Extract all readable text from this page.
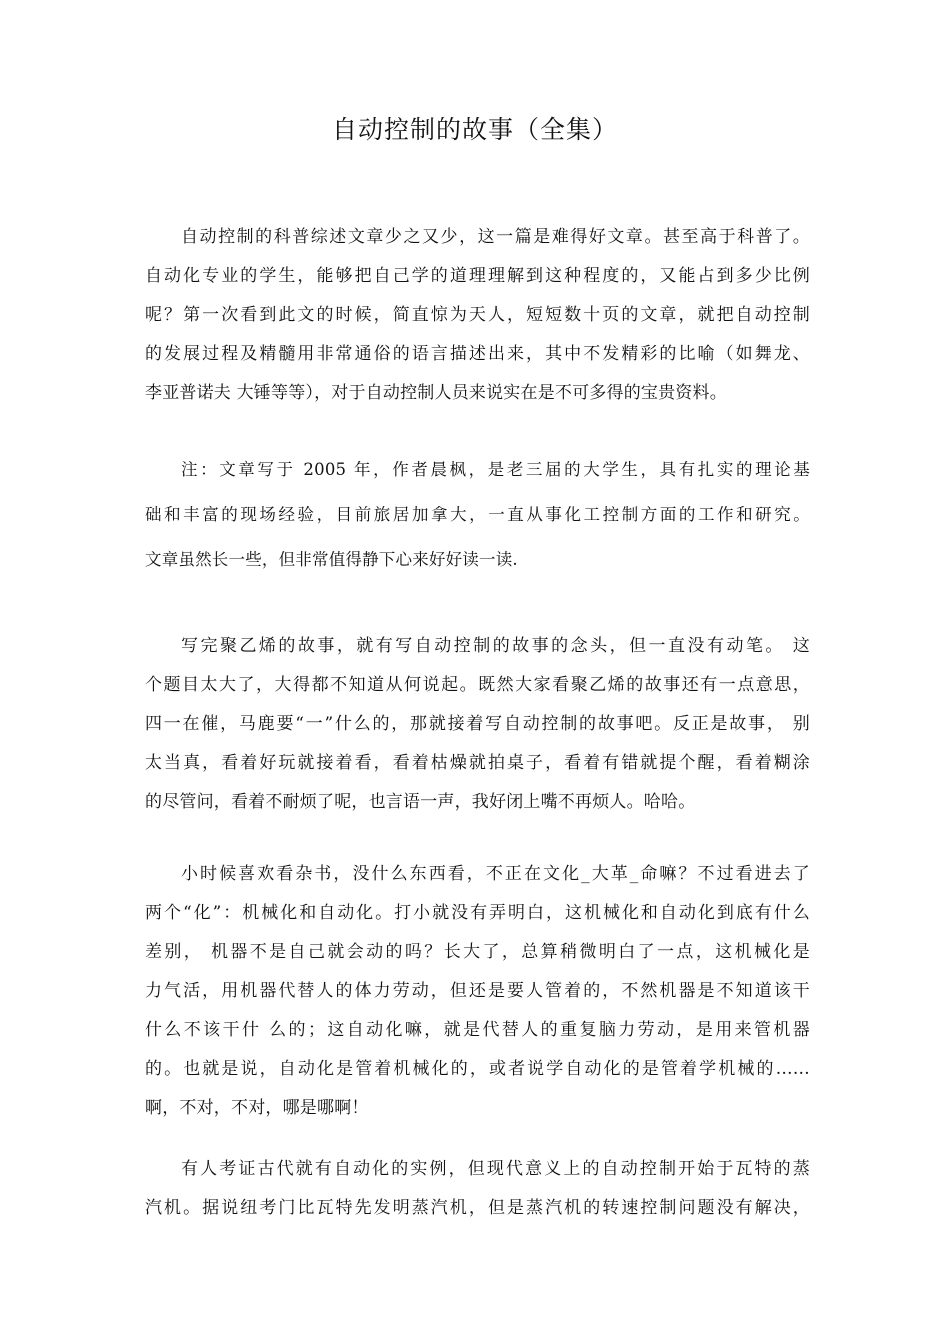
自动控制的故事（全集）
自动控制的科普综述文章少之又少，这一篇是难得好文章。甚至高于科普了。
自动化专业的学生，能够把自己学的道理理解到这种程度的，又能占到多少比例
呢？第一次看到此文的时候，简直惊为天人，短短数十页的文章，就把自动控制
的发展过程及精髓用非常通俗的语言描述出来，其中不发精彩的比喻（如舞龙、
李亚普诺夫 大锤等等），对于自动控制人员来说实在是不可多得的宝贵资料。
注：文章写于 2005 年，作者晨枫，是老三届的大学生，具有扎实的理论基
础和丰富的现场经验，目前旅居加拿大，一直从事化工控制方面的工作和研究。
文章虽然长一些，但非常值得静下心来好好读一读.
写完聚乙烯的故事，就有写自动控制的故事的念头，但一直没有动笔。 这
个题目太大了，大得都不知道从何说起。既然大家看聚乙烯的故事还有一点意思，
四一在催，马鹿要“一”什么的，那就接着写自动控制的故事吧。反正是故事， 别
太当真，看着好玩就接着看，看着枯燥就拍桌子，看着有错就提个醒，看着糊涂
的尽管问，看着不耐烦了呢，也言语一声，我好闭上嘴不再烦人。哈哈。
小时候喜欢看杂书，没什么东西看，不正在文化_大革_命嘛？不过看进去了
两个“化”：机械化和自动化。打小就没有弄明白，这机械化和自动化到底有什么
差别， 机器不是自己就会动的吗？长大了，总算稍微明白了一点，这机械化是
力气活，用机器代替人的体力劳动，但还是要人管着的，不然机器是不知道该干
什么不该干什 么的；这自动化嘛，就是代替人的重复脑力劳动，是用来管机器
的。也就是说，自动化是管着机械化的，或者说学自动化的是管着学机械的……
啊，不对，不对，哪是哪啊！
有人考证古代就有自动化的实例，但现代意义上的自动控制开始于瓦特的蒸
汽机。据说纽考门比瓦特先发明蒸汽机，但是蒸汽机的转速控制问题没有解决，
